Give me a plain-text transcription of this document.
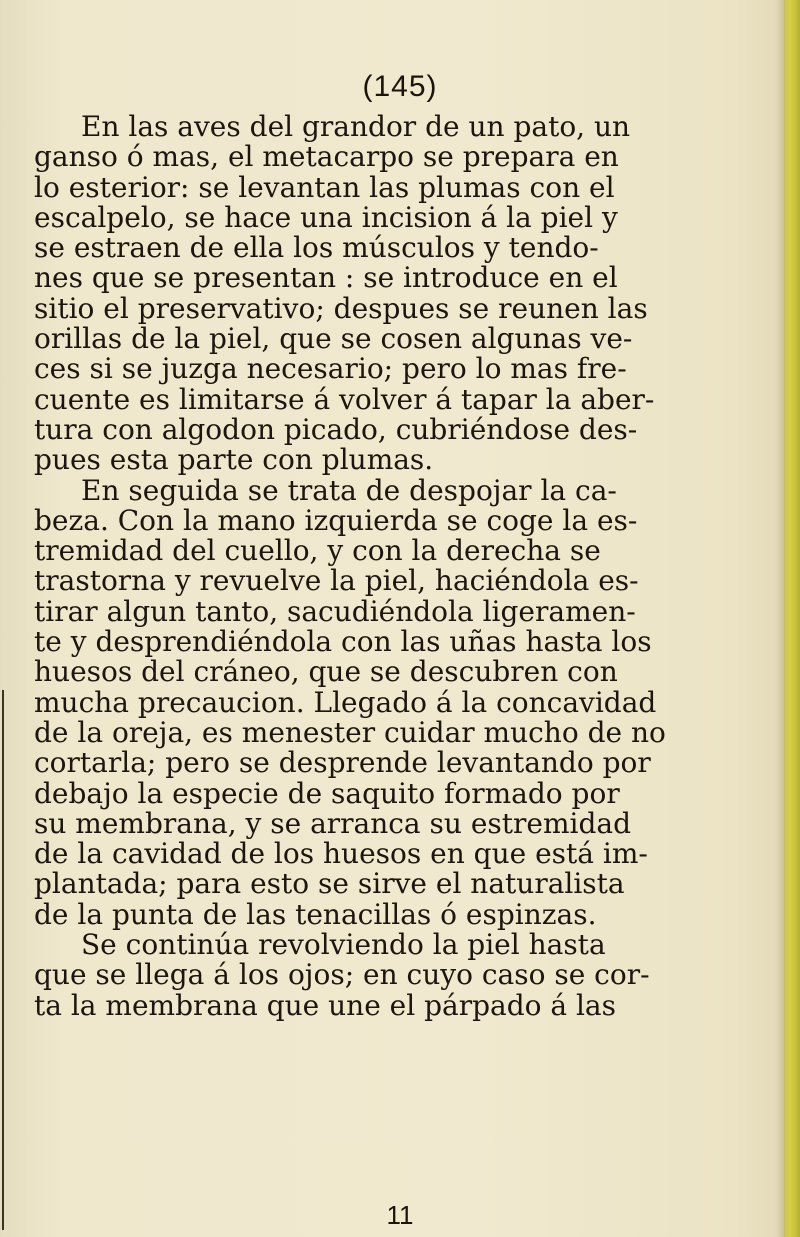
(145)
En las aves del grandor de un pato, un
ganso ó mas, el metacarpo se prepara en
lo esterior: se levantan las plumas con el
escalpelo, se hace una incision á la piel y
se estraen de ella los músculos y tendo-
nes que se presentan : se introduce en el
sitio el preservativo; despues se reunen las
orillas de la piel, que se cosen algunas ve-
ces si se juzga necesario; pero lo mas fre-
cuente es limitarse á volver á tapar la aber-
tura con algodon picado, cubriéndose des-
pues esta parte con plumas.
En seguida se trata de despojar la ca-
beza. Con la mano izquierda se coge la es-
tremidad del cuello, y con la derecha se
trastorna y revuelve la piel, haciéndola es-
tirar algun tanto, sacudiéndola ligeramen-
te y desprendiéndola con las uñas hasta los
huesos del cráneo, que se descubren con
mucha precaucion. Llegado á la concavidad
de la oreja, es menester cuidar mucho de no
cortarla; pero se desprende levantando por
debajo la especie de saquito formado por
su membrana, y se arranca su estremidad
de la cavidad de los huesos en que está im-
plantada; para esto se sirve el naturalista
de la punta de las tenacillas ó espinzas.
Se continúa revolviendo la piel hasta
que se llega á los ojos; en cuyo caso se cor-
ta la membrana que une el párpado á las
11
